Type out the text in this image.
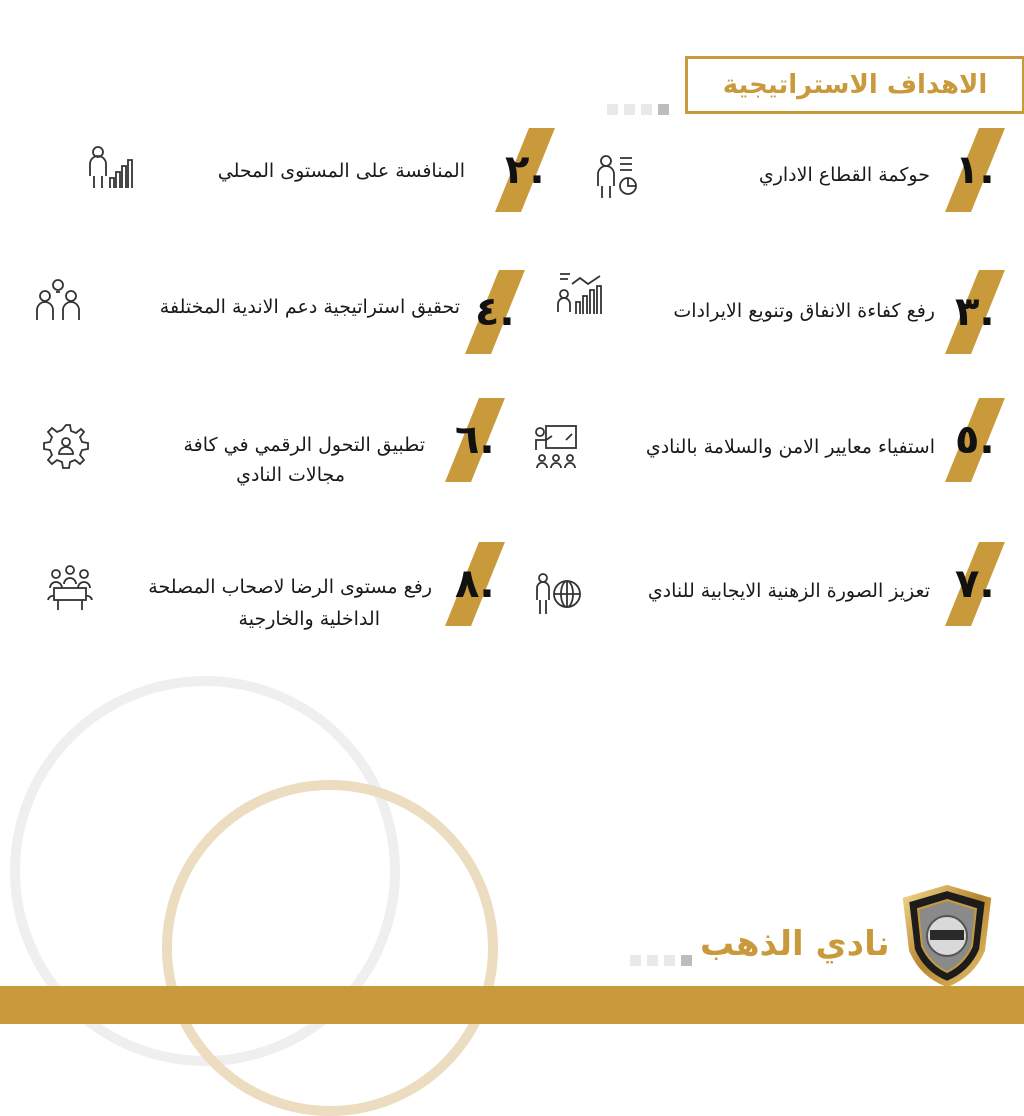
الاهداف الاستراتيجية
١.
حوكمة القطاع الاداري
٢.
المنافسة على المستوى المحلي
٣.
رفع كفاءة الانفاق وتنويع الايرادات
٤.
تحقيق استراتيجية دعم الاندية المختلفة
٥.
استفياء معايير الامن والسلامة بالنادي
٦.
تطبيق التحول الرقمي في كافة
مجالات النادي
٧.
تعزيز الصورة الزهنية الايجابية للنادي
٨.
رفع مستوى الرضا لاصحاب المصلحة
الداخلية والخارجية
نادي الذهب
